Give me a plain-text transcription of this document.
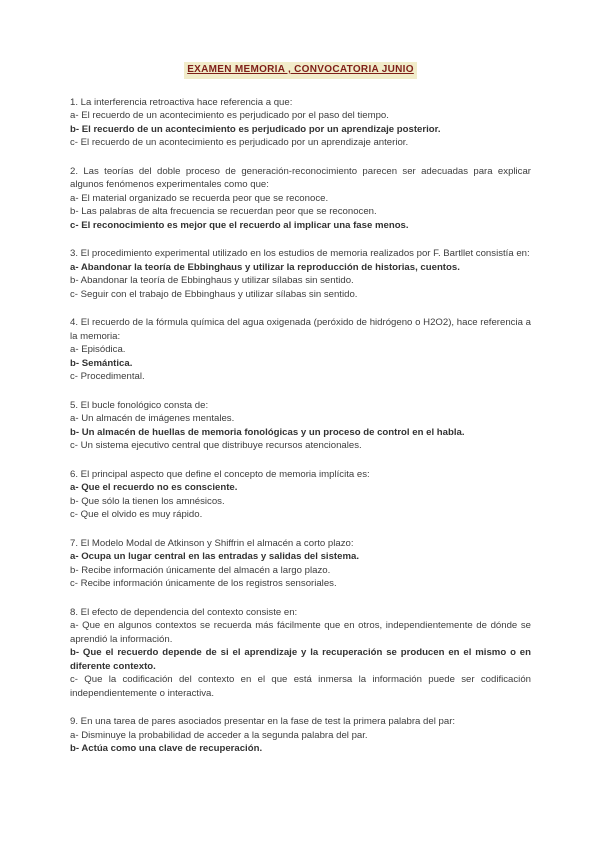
EXAMEN MEMORIA , CONVOCATORIA JUNIO

1. La interferencia retroactiva hace referencia a que:

a- El recuerdo de un acontecimiento es perjudicado por el paso del tiempo.

b- El recuerdo de un acontecimiento es perjudicado por un aprendizaje posterior.

c- El recuerdo de un acontecimiento es perjudicado por un aprendizaje anterior.

2. Las teorías del doble proceso de generación-reconocimiento parecen ser adecuadas para explicar algunos fenómenos experimentales como que:

a- El material organizado se recuerda peor que se reconoce.

b- Las palabras de alta frecuencia se recuerdan peor que se reconocen.

c- El reconocimiento es mejor que el recuerdo al implicar una fase menos.

3. El procedimiento experimental utilizado en los estudios de memoria realizados por F. Bartllet consistía en:

a- Abandonar la teoría de Ebbinghaus y utilizar la reproducción de historias, cuentos.

b- Abandonar la teoría de Ebbinghaus y utilizar sílabas sin sentido.

c- Seguir con el trabajo de Ebbinghaus y utilizar sílabas sin sentido.

4. El recuerdo de la fórmula química del agua oxigenada (peróxido de hidrógeno o H2O2), hace referencia a la memoria:

a- Episódica.

b- Semántica.

c- Procedimental.

5. El bucle fonológico consta de:

a- Un almacén de imágenes mentales.

b- Un almacén de huellas de memoria fonológicas y un proceso de control en el habla.

c- Un sistema ejecutivo central que distribuye recursos atencionales.

6. El principal aspecto que define el concepto de memoria implícita es:

a- Que el recuerdo no es consciente.

b- Que sólo la tienen los amnésicos.

c- Que el olvido es muy rápido.

7. El Modelo Modal de Atkinson y Shiffrin el almacén a corto plazo:

a- Ocupa un lugar central en las entradas y salidas del sistema.

b- Recibe información únicamente del almacén a largo plazo.

c- Recibe información únicamente de los registros sensoriales.

8. El efecto de dependencia del contexto consiste en:

a- Que en algunos contextos se recuerda más fácilmente que en otros, independientemente de dónde se aprendió la información.

b- Que el recuerdo depende de si el aprendizaje y la recuperación se producen en el mismo o en diferente contexto.

c- Que la codificación del contexto en el que está inmersa la información puede ser codificación independientemente o interactiva.

9. En una tarea de pares asociados presentar en la fase de test la primera palabra del par:

a- Disminuye la probabilidad de acceder a la segunda palabra del par.

b- Actúa como una clave de recuperación.
